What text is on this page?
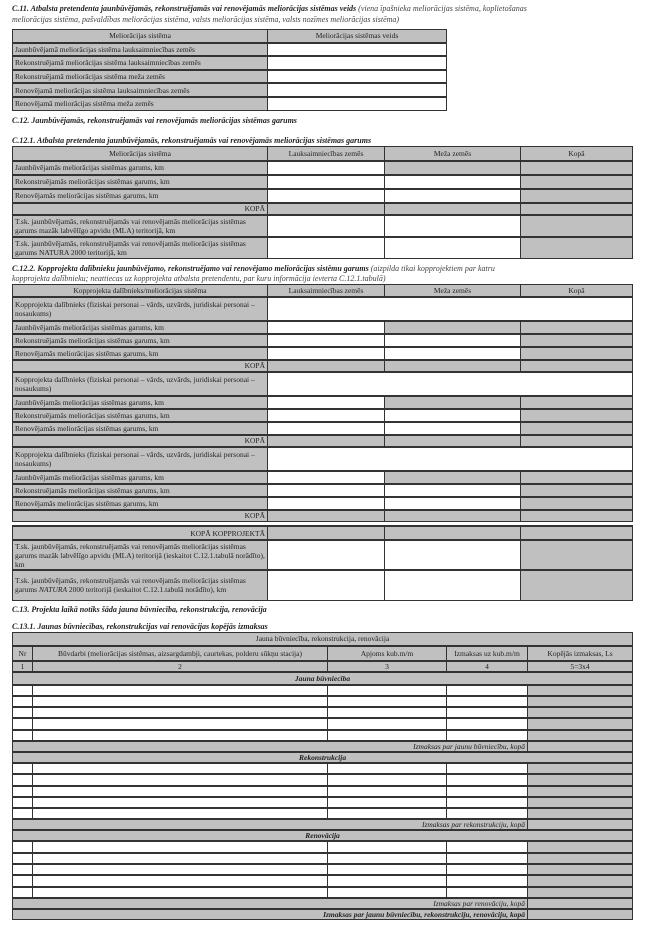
C.11. Atbalsta pretendenta jaunbūvējamās, rekonstruējamās vai renovējamās meliorācijas sistēmas veids (viena īpašnieka meliorācijas sistēma, koplietošanas
meliorācijas sistēma, pašvaldības meliorācijas sistēma, valsts meliorācijas sistēma, valsts nozīmes meliorācijas sistēma)
Meliorācijas sistēma	Meliorācijas sistēmas veids
Jaunbūvējamā meliorācijas sistēma lauksaimniecības zemēs	
Rekonstruējamā meliorācijas sistēma lauksaimniecības zemēs	
Rekonstruējamā meliorācijas sistēma meža zemēs	
Renovējamā meliorācijas sistēma lauksaimniecības zemēs	
Renovējamā meliorācijas sistēma meža zemēs	
C.12. Jaunbūvējamās, rekonstruējamās vai renovējamās meliorācijas sistēmas garums
C.12.1. Atbalsta pretendenta jaunbūvējamās, rekonstruējamās vai renovējamās meliorācijas sistēmas garums
Meliorācijas sistēma	Lauksaimniecības zemēs	Meža zemēs	Kopā
Jaunbūvējamās meliorācijas sistēmas garums, km			
Rekonstruējamās meliorācijas sistēmas garums, km			
Renovējamās meliorācijas sistēmas garums, km			
KOPĀ			
T.sk. jaunbūvējamās, rekonstruējamās vai renovējamās meliorācijas sistēmas garums mazāk labvēlīgo apvidu (MLA) teritorijā, km			
T.sk. jaunbūvējamās, rekonstruējamās vai renovējamās meliorācijas sistēmas garums NATURA 2000 teritorijā, km			
C.12.2. Kopprojekta dalībnieku jaunbūvējamo, rekonstruējamo vai renovējamo meliorācijas sistēmu garums (aizpilda tikai kopprojektiem par katru
kopprojekta dalībnieku; neattiecas uz kopprojekta atbalsta pretendentu, par kuru informācija ievterta C.12.1.tabulā)
Kopprojekta dalībnieks/meliorācijas sistēma	Lauksaimniecības zemēs	Meža zemēs	Kopā
Kopprojekta dalībnieks (fiziskai personai – vārds, uzvārds, juridiskai personai – nosaukums)			
Jaunbūvējamās meliorācijas sistēmas garums, km			
Rekonstruējamās meliorācijas sistēmas garums, km			
Renovējamās meliorācijas sistēmas garums, km			
KOPĀ			
Kopprojekta dalībnieks (fiziskai personai – vārds, uzvārds, juridiskai personai – nosaukums)			
Jaunbūvējamās meliorācijas sistēmas garums, km			
Rekonstruējamās meliorācijas sistēmas garums, km			
Renovējamās meliorācijas sistēmas garums, km			
KOPĀ			
Kopprojekta dalībnieks (fiziskai personai – vārds, uzvārds, juridiskai personai – nosaukums)			
Jaunbūvējamās meliorācijas sistēmas garums, km			
Rekonstruējamās meliorācijas sistēmas garums, km			
Renovējamās meliorācijas sistēmas garums, km			
KOPĀ			

KOPĀ KOPPROJEKTĀ			
T.sk. jaunbūvējamās, rekonstruējamās vai renovējamās meliorācijas sistēmas garums mazāk labvēlīgo apvidu (MLA) teritorijā (ieskaitot C.12.1.tabulā norādīto), km			
T.sk. jaunbūvējamās, rekonstruējamās vai renovējamās meliorācijas sistēmas garums NATURA 2000 teritorijā (ieskaitot C.12.1.tabulā norādīto), km			
C.13. Projekta laikā notiks šāda jauna būvniecība, rekonstrukcija, renovācija
C.13.1. Jaunas būvniecības, rekonstrukcijas vai renovācijas kopējās izmaksas
Jauna būvniecība, rekonstrukcija, renovācija				
Nr	Būvdarbi (meliorācijas sistēmas, aizsargdambji, caurtekas, polderu sūkņu stacija)	Apjoms kub.m/m	Izmaksas uz kub.m/m	Kopējās izmaksas, Ls
1	2	3	4	5=3x4
Jauna būvniecība				

Izmaksas par jaunu būvniecību, kopā				
Rekonstrukcija				

Izmaksas par rekonstrukciju, kopā				
Renovācija				

Izmaksas par renovāciju, kopā				
Izmaksas par jaunu būvniecību, rekonstrukciju, renovāciju, kopā				
